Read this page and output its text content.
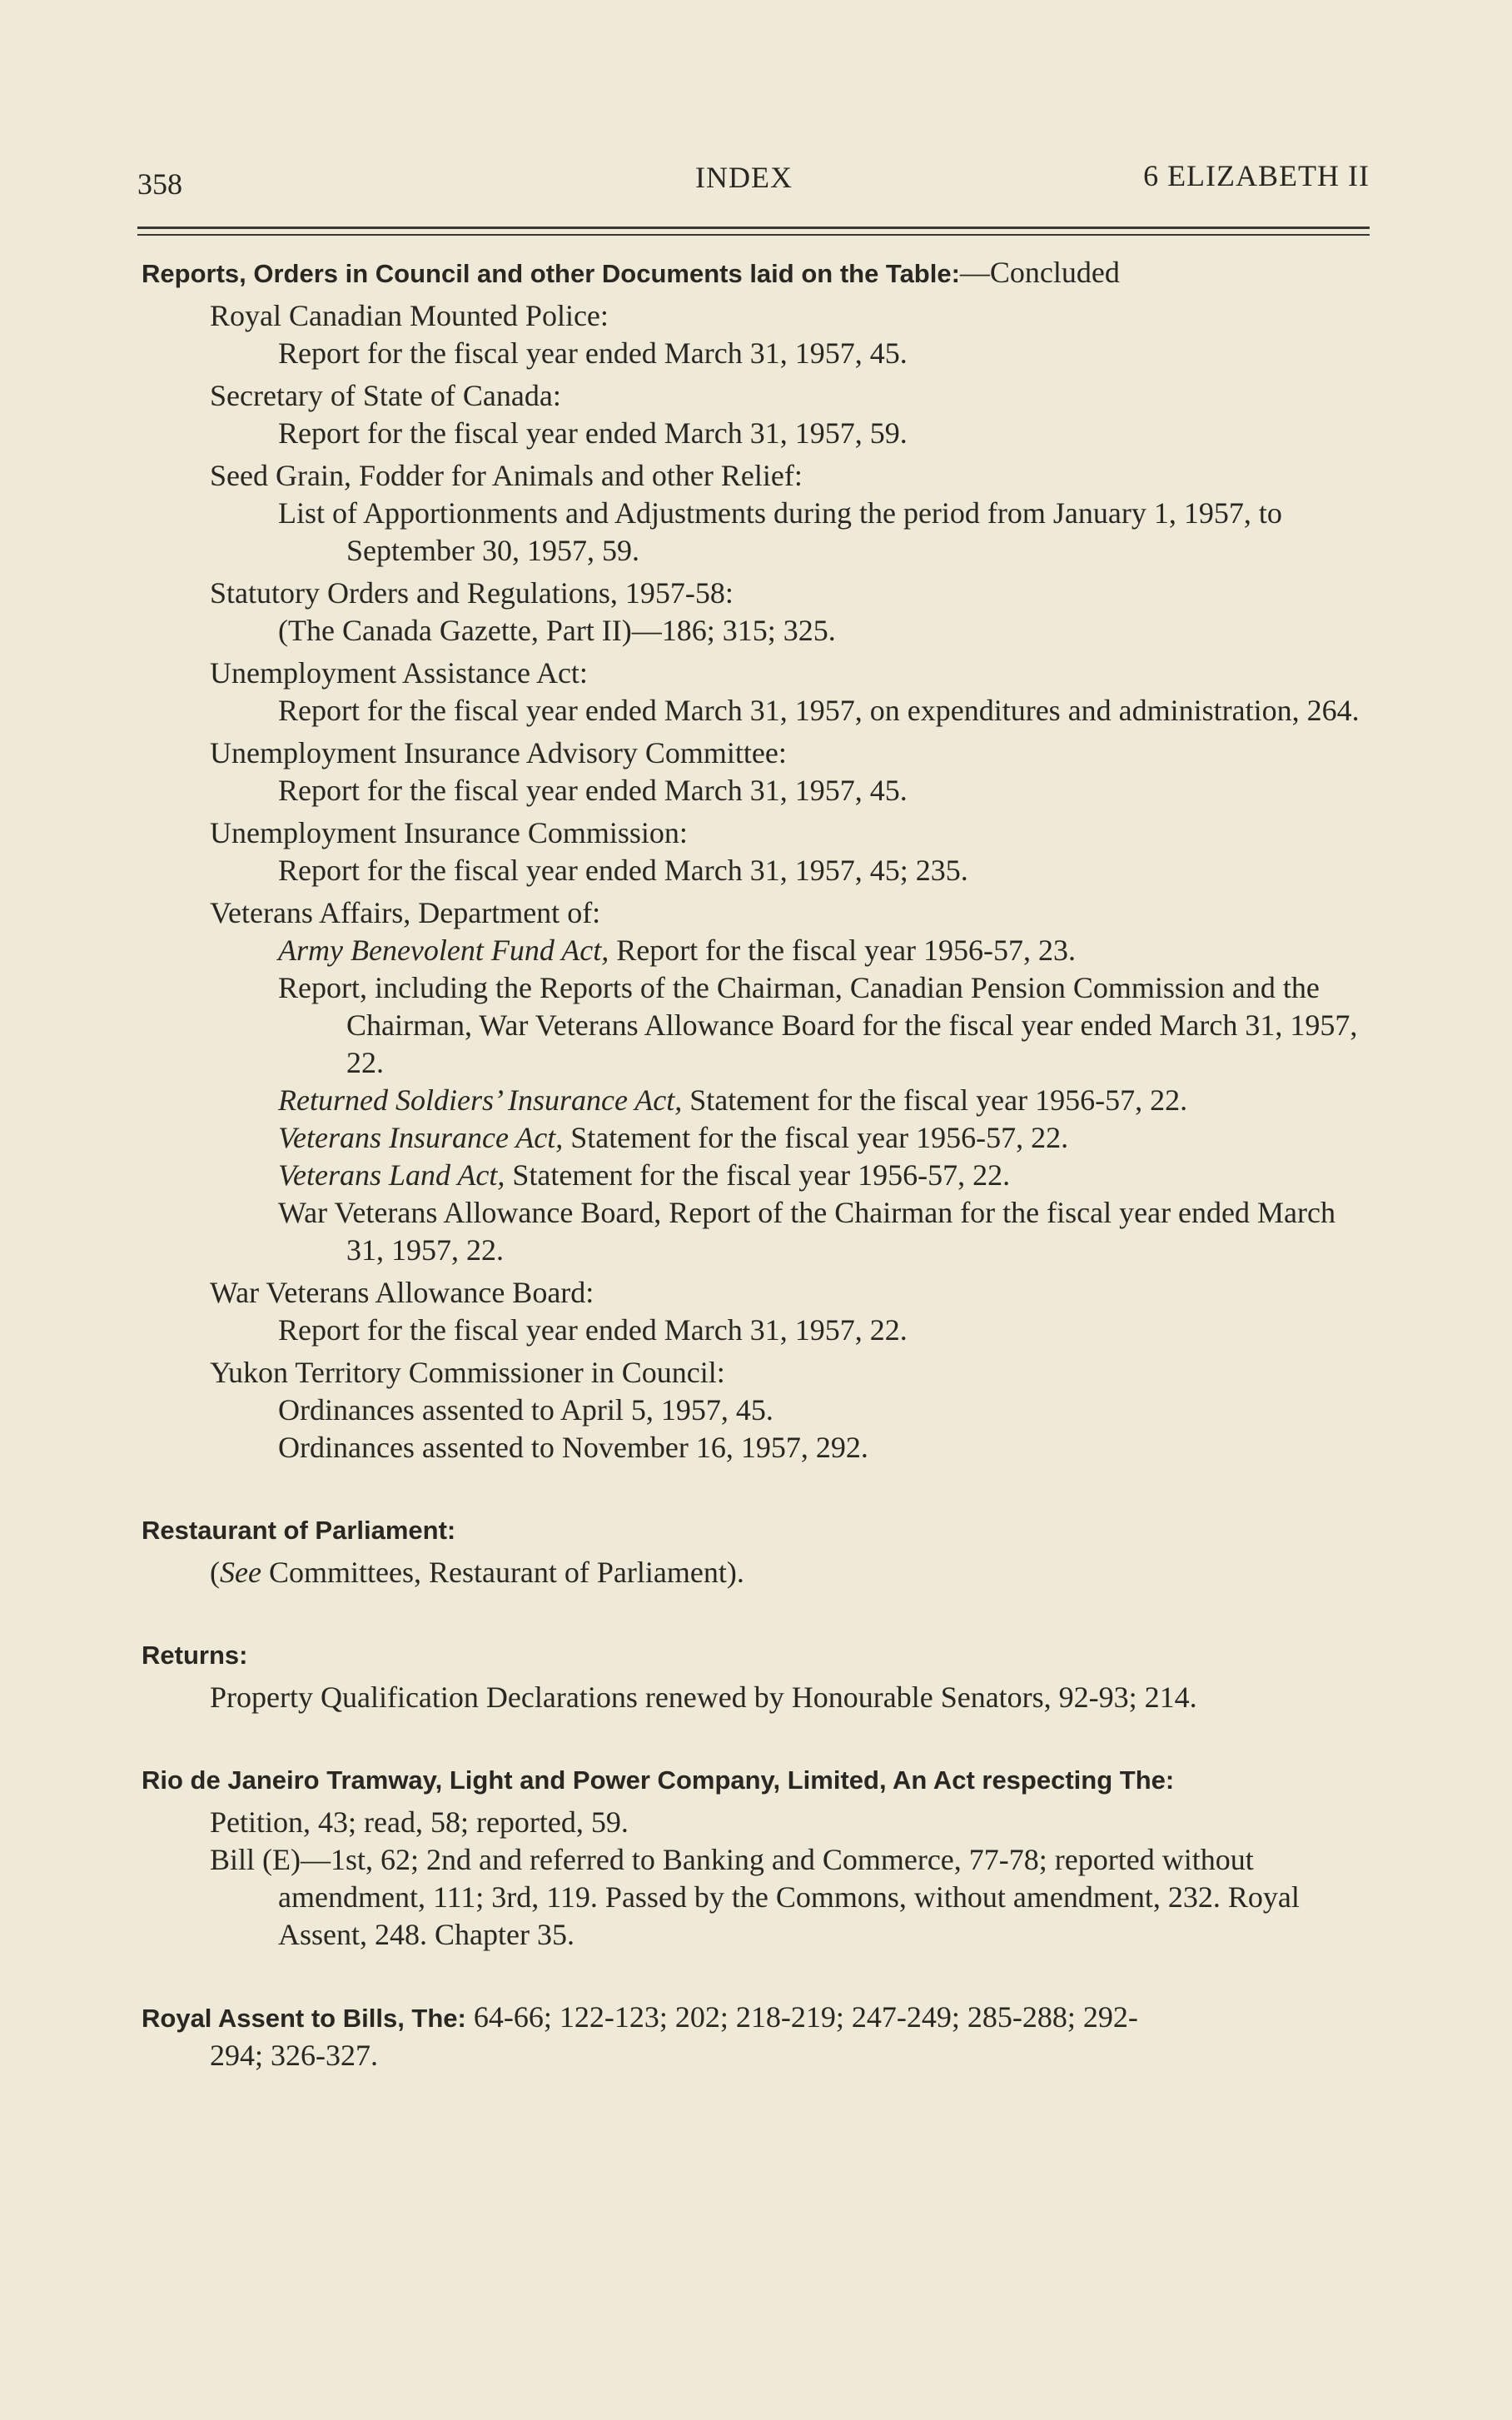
358	INDEX	6 ELIZABETH II

Reports, Orders in Council and other Documents laid on the Table:—Concluded

Royal Canadian Mounted Police:

Report for the fiscal year ended March 31, 1957, 45.

Secretary of State of Canada:

Report for the fiscal year ended March 31, 1957, 59.

Seed Grain, Fodder for Animals and other Relief:

List of Apportionments and Adjustments during the period from January 1, 1957, to September 30, 1957, 59.

Statutory Orders and Regulations, 1957-58:

(The Canada Gazette, Part II)—186; 315; 325.

Unemployment Assistance Act:

Report for the fiscal year ended March 31, 1957, on expenditures and administration, 264.

Unemployment Insurance Advisory Committee:

Report for the fiscal year ended March 31, 1957, 45.

Unemployment Insurance Commission:

Report for the fiscal year ended March 31, 1957, 45; 235.

Veterans Affairs, Department of:

Army Benevolent Fund Act, Report for the fiscal year 1956-57, 23.

Report, including the Reports of the Chairman, Canadian Pension Commission and the Chairman, War Veterans Allowance Board for the fiscal year ended March 31, 1957, 22.

Returned Soldiers’ Insurance Act, Statement for the fiscal year 1956-57, 22.

Veterans Insurance Act, Statement for the fiscal year 1956-57, 22.

Veterans Land Act, Statement for the fiscal year 1956-57, 22.

War Veterans Allowance Board, Report of the Chairman for the fiscal year ended March 31, 1957, 22.

War Veterans Allowance Board:

Report for the fiscal year ended March 31, 1957, 22.

Yukon Territory Commissioner in Council:

Ordinances assented to April 5, 1957, 45.

Ordinances assented to November 16, 1957, 292.

Restaurant of Parliament:

(See Committees, Restaurant of Parliament).

Returns:

Property Qualification Declarations renewed by Honourable Senators, 92-93; 214.

Rio de Janeiro Tramway, Light and Power Company, Limited, An Act respecting The:

Petition, 43; read, 58; reported, 59.

Bill (E)—1st, 62; 2nd and referred to Banking and Commerce, 77-78; reported without amendment, 111; 3rd, 119. Passed by the Commons, without amendment, 232. Royal Assent, 248. Chapter 35.

Royal Assent to Bills, The: 64-66; 122-123; 202; 218-219; 247-249; 285-288; 292-

294; 326-327.
